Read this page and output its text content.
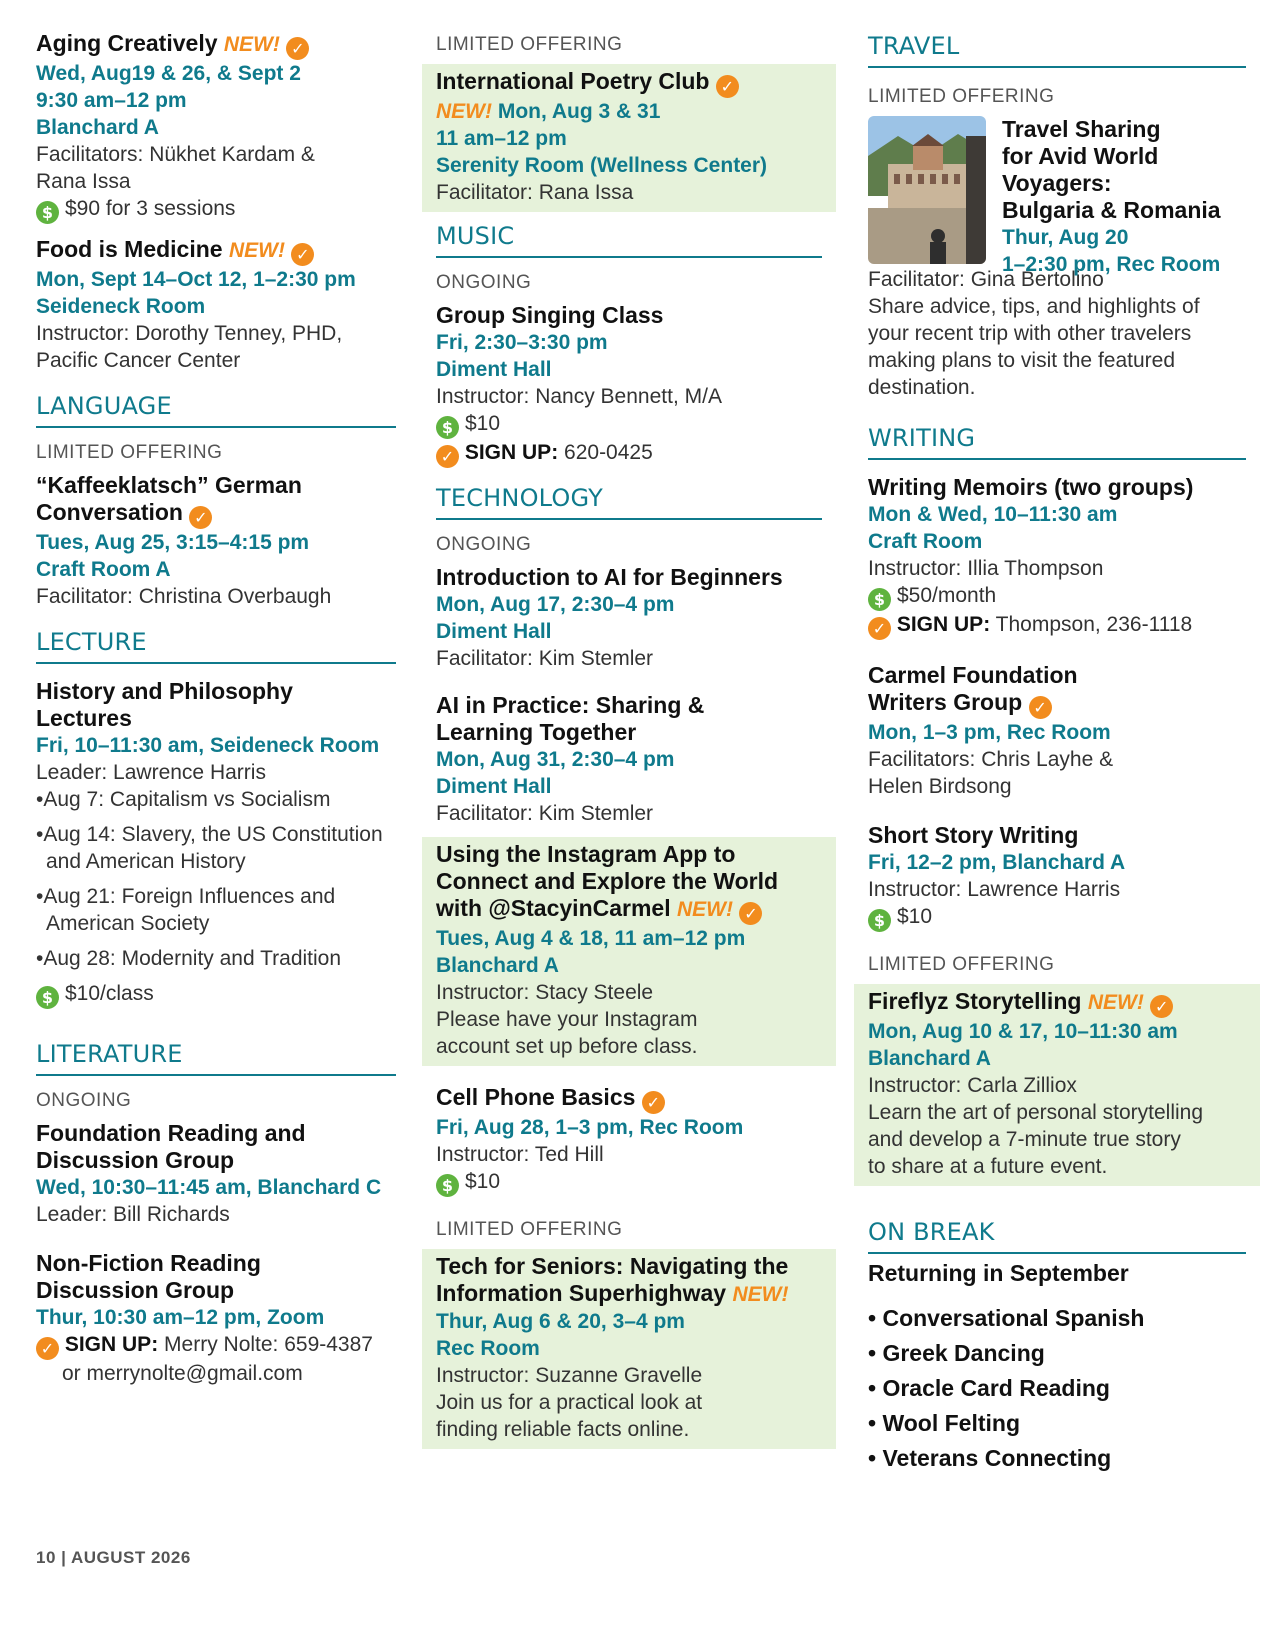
Aging Creatively NEW! ✓
Wed, Aug19 & 26, & Sept 2
9:30 am–12 pm
Blanchard A
Facilitators: Nükhet Kardam &
Rana Issa
$ $90 for 3 sessions
Food is Medicine NEW! ✓
Mon, Sept 14–Oct 12, 1–2:30 pm
Seideneck Room
Instructor: Dorothy Tenney, PHD,
Pacific Cancer Center
LANGUAGE
LIMITED OFFERING
“Kaffeeklatsch” German
Conversation ✓
Tues, Aug 25, 3:15–4:15 pm
Craft Room A
Facilitator: Christina Overbaugh
LECTURE
History and Philosophy
Lectures
Fri, 10–11:30 am, Seideneck Room
Leader: Lawrence Harris
•Aug 7: Capitalism vs Socialism
•Aug 14: Slavery, the US Constitution and American History
•Aug 21: Foreign Influences and American Society
•Aug 28: Modernity and Tradition
$ $10/class
LITERATURE
ONGOING
Foundation Reading and
Discussion Group
Wed, 10:30–11:45 am, Blanchard C
Leader: Bill Richards
Non-Fiction Reading
Discussion Group
Thur, 10:30 am–12 pm, Zoom
✓ SIGN UP: Merry Nolte: 659-4387
or merrynolte@gmail.com
LIMITED OFFERING
International Poetry Club ✓
NEW! Mon, Aug 3 & 31
11 am–12 pm
Serenity Room (Wellness Center)
Facilitator: Rana Issa
MUSIC
ONGOING
Group Singing Class
Fri, 2:30–3:30 pm
Diment Hall
Instructor: Nancy Bennett, M/A
$ $10
✓ SIGN UP: 620-0425
TECHNOLOGY
ONGOING
Introduction to AI for Beginners
Mon, Aug 17, 2:30–4 pm
Diment Hall
Facilitator: Kim Stemler
AI in Practice: Sharing &
Learning Together
Mon, Aug 31, 2:30–4 pm
Diment Hall
Facilitator: Kim Stemler
Using the Instagram App to
Connect and Explore the World
with @StacyinCarmel NEW! ✓
Tues, Aug 4 & 18, 11 am–12 pm
Blanchard A
Instructor: Stacy Steele
Please have your Instagram
account set up before class.
Cell Phone Basics ✓
Fri, Aug 28, 1–3 pm, Rec Room
Instructor: Ted Hill
$ $10
LIMITED OFFERING
Tech for Seniors: Navigating the
Information Superhighway NEW!
Thur, Aug 6 & 20, 3–4 pm
Rec Room
Instructor: Suzanne Gravelle
Join us for a practical look at
finding reliable facts online.
TRAVEL
LIMITED OFFERING
Travel Sharing
for Avid World
Voyagers:
Bulgaria & Romania
Thur, Aug 20
1–2:30 pm, Rec Room
Facilitator: Gina Bertolino
Share advice, tips, and highlights of
your recent trip with other travelers
making plans to visit the featured
destination.
WRITING
Writing Memoirs (two groups)
Mon & Wed, 10–11:30 am
Craft Room
Instructor: Illia Thompson
$ $50/month
✓ SIGN UP: Thompson, 236-1118
Carmel Foundation
Writers Group ✓
Mon, 1–3 pm, Rec Room
Facilitators: Chris Layhe &
Helen Birdsong
Short Story Writing
Fri, 12–2 pm, Blanchard A
Instructor: Lawrence Harris
$ $10
LIMITED OFFERING
Fireflyz Storytelling NEW! ✓
Mon, Aug 10 & 17, 10–11:30 am
Blanchard A
Instructor: Carla Zilliox
Learn the art of personal storytelling
and develop a 7-minute true story
to share at a future event.
ON BREAK
Returning in September
• Conversational Spanish
• Greek Dancing
• Oracle Card Reading
• Wool Felting
• Veterans Connecting
10 | AUGUST 2026
